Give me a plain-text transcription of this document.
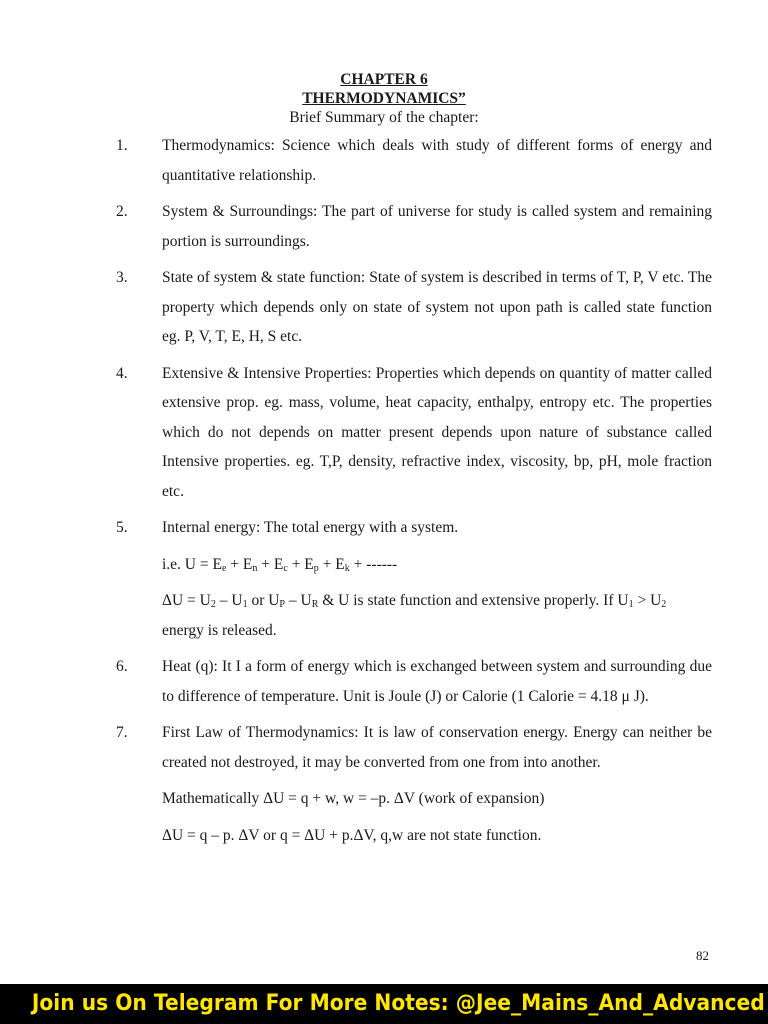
CHAPTER 6
THERMODYNAMICS”
Brief Summary of the chapter:
1. Thermodynamics: Science which deals with study of different forms of energy and quantitative relationship.

2. System & Surroundings: The part of universe for study is called system and remaining portion is surroundings.

3. State of system & state function: State of system is described in terms of T, P, V etc. The property which depends only on state of system not upon path is called state function eg. P, V, T, E, H, S etc.

4. Extensive & Intensive Properties: Properties which depends on quantity of matter called extensive prop. eg. mass, volume, heat capacity, enthalpy, entropy etc. The properties which do not depends on matter present depends upon nature of substance called Intensive properties. eg. T,P, density, refractive index, viscosity, bp, pH, mole fraction etc.

5. Internal energy: The total energy with a system.

i.e. $U = E_e + E_n + E_c + E_p + E_k$ + ------

$\Delta U = U_2 - U_1$ or $U_P - U_R$ & U is state function and extensive properly. If $U_1 > U_2$ energy is released.

6. Heat (q): It I a form of energy which is exchanged between system and surrounding due to difference of temperature. Unit is Joule (J) or Calorie (1 Calorie = 4.18 μ J).

7. First Law of Thermodynamics: It is law of conservation energy. Energy can neither be created not destroyed, it may be converted from one from into another.

Mathematically ΔU = q + w, w = –p. ΔV (work of expansion)

ΔU = q – p. ΔV or q = ΔU + p.ΔV, q,w are not state function.

82
Join us On Telegram For More Notes: @Jee_Mains_And_Advanced
